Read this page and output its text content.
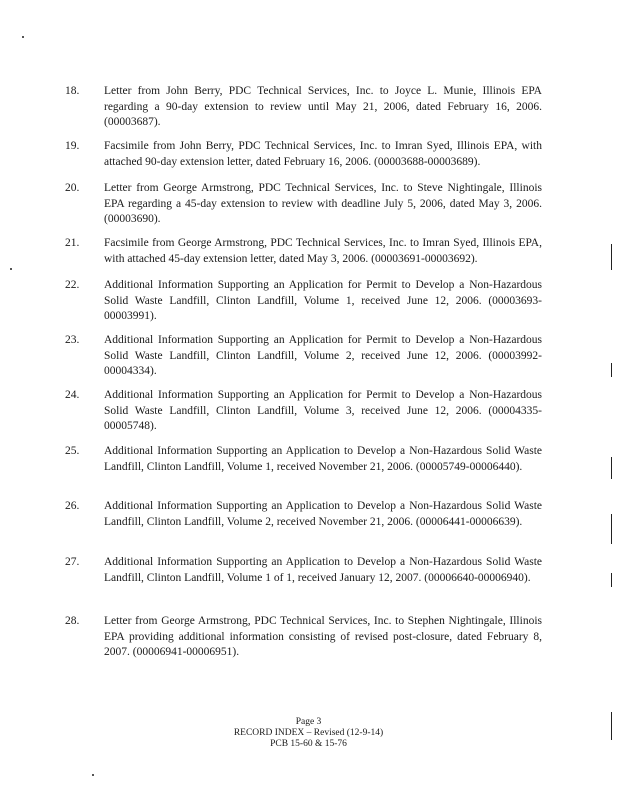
18.	Letter from John Berry, PDC Technical Services, Inc. to Joyce L. Munie, Illinois EPA regarding a 90-day extension to review until May 21, 2006, dated February 16, 2006. (00003687).
19.	Facsimile from John Berry, PDC Technical Services, Inc. to Imran Syed, Illinois EPA, with attached 90-day extension letter, dated February 16, 2006. (00003688-00003689).
20.	Letter from George Armstrong, PDC Technical Services, Inc. to Steve Nightingale, Illinois EPA regarding a 45-day extension to review with deadline July 5, 2006, dated May 3, 2006. (00003690).
21.	Facsimile from George Armstrong, PDC Technical Services, Inc. to Imran Syed, Illinois EPA, with attached 45-day extension letter, dated May 3, 2006. (00003691-00003692).
22.	Additional Information Supporting an Application for Permit to Develop a Non-Hazardous Solid Waste Landfill, Clinton Landfill, Volume 1, received June 12, 2006. (00003693-00003991).
23.	Additional Information Supporting an Application for Permit to Develop a Non-Hazardous Solid Waste Landfill, Clinton Landfill, Volume 2, received June 12, 2006. (00003992-00004334).
24.	Additional Information Supporting an Application for Permit to Develop a Non-Hazardous Solid Waste Landfill, Clinton Landfill, Volume 3, received June 12, 2006. (00004335-00005748).
25.	Additional Information Supporting an Application to Develop a Non-Hazardous Solid Waste Landfill, Clinton Landfill, Volume 1, received November 21, 2006. (00005749-00006440).
26.	Additional Information Supporting an Application to Develop a Non-Hazardous Solid Waste Landfill, Clinton Landfill, Volume 2, received November 21, 2006. (00006441-00006639).
27.	Additional Information Supporting an Application to Develop a Non-Hazardous Solid Waste Landfill, Clinton Landfill, Volume 1 of 1, received January 12, 2007. (00006640-00006940).
28.	Letter from George Armstrong, PDC Technical Services, Inc. to Stephen Nightingale, Illinois EPA providing additional information consisting of revised post-closure, dated February 8, 2007. (00006941-00006951).
Page 3
RECORD INDEX – Revised (12-9-14)
PCB 15-60 & 15-76
